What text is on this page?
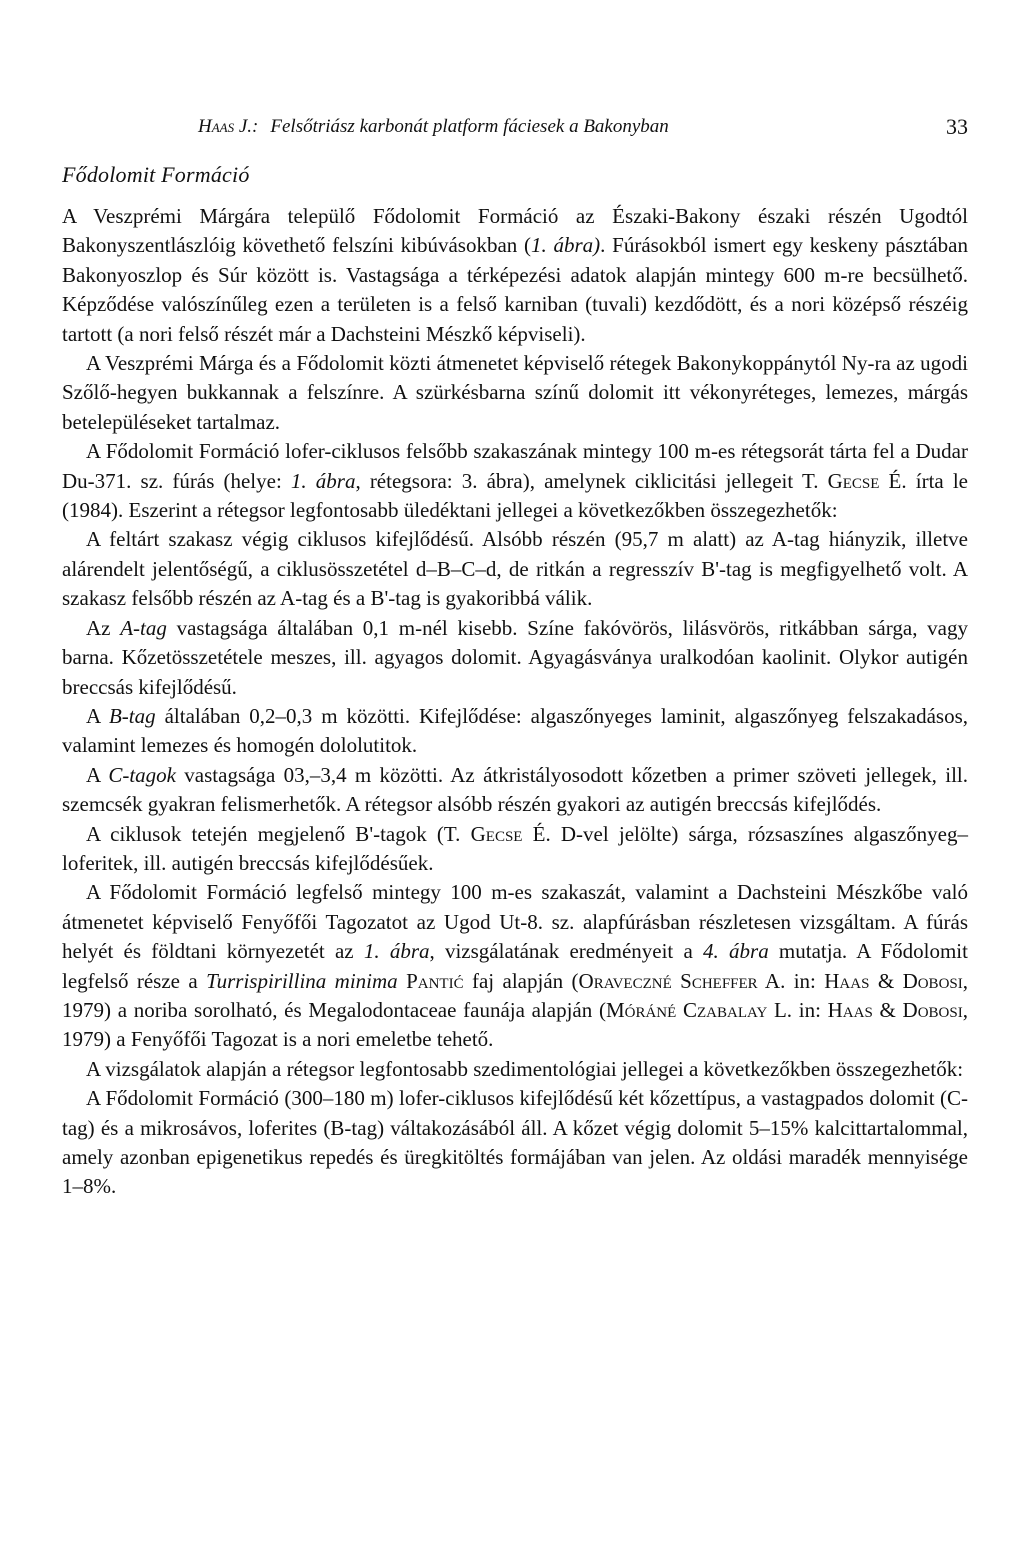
Haas J.: Felsőtriász karbonát platform fáciesek a Bakonyban	33
Fődolomit Formáció

A Veszprémi Márgára települő Fődolomit Formáció az Északi-Bakony északi részén Ugodtól Bakonyszentlászlóig követhető felszíni kibúvásokban (1. ábra). Fúrásokból ismert egy keskeny pásztában Bakonyoszlop és Súr között is. Vastagsága a térképezési adatok alapján mintegy 600 m-re becsülhető. Képződése valószínűleg ezen a területen is a felső karniban (tuvali) kezdődött, és a nori középső részéig tartott (a nori felső részét már a Dachsteini Mészkő képviseli).

A Veszprémi Márga és a Fődolomit közti átmenetet képviselő rétegek Bakonykoppánytól Ny-ra az ugodi Szőlő-hegyen bukkannak a felszínre. A szürkésbarna színű dolomit itt vékonyréteges, lemezes, márgás betelepüléseket tartalmaz.

A Fődolomit Formáció lofer-ciklusos felsőbb szakaszának mintegy 100 m-es rétegsorát tárta fel a Dudar Du-371. sz. fúrás (helye: 1. ábra, rétegsora: 3. ábra), amelynek ciklicitási jellegeit T. Gecse É. írta le (1984). Eszerint a rétegsor legfontosabb üledéktani jellegei a következőkben összegezhetők:

A feltárt szakasz végig ciklusos kifejlődésű. Alsóbb részén (95,7 m alatt) az A-tag hiányzik, illetve alárendelt jelentőségű, a ciklusösszetétel d–B–C–d, de ritkán a regresszív B'-tag is megfigyelhető volt. A szakasz felsőbb részén az A-tag és a B'-tag is gyakoribbá válik.

Az A-tag vastagsága általában 0,1 m-nél kisebb. Színe fakóvörös, lilásvörös, ritkábban sárga, vagy barna. Kőzetösszetétele meszes, ill. agyagos dolomit. Agyagásványa uralkodóan kaolinit. Olykor autigén breccsás kifejlődésű.

A B-tag általában 0,2–0,3 m közötti. Kifejlődése: algaszőnyeges laminit, algaszőnyeg felszakadásos, valamint lemezes és homogén dololutitok.

A C-tagok vastagsága 03,–3,4 m közötti. Az átkristályosodott kőzetben a primer szöveti jellegek, ill. szemcsék gyakran felismerhetők. A rétegsor alsóbb részén gyakori az autigén breccsás kifejlődés.

A ciklusok tetején megjelenő B'-tagok (T. Gecse É. D-vel jelölte) sárga, rózsaszínes algaszőnyeg–loferitek, ill. autigén breccsás kifejlődésűek.

A Fődolomit Formáció legfelső mintegy 100 m-es szakaszát, valamint a Dachsteini Mészkőbe való átmenetet képviselő Fenyőfői Tagozatot az Ugod Ut-8. sz. alapfúrásban részletesen vizsgáltam. A fúrás helyét és földtani környezetét az 1. ábra, vizsgálatának eredményeit a 4. ábra mutatja. A Fődolomit legfelső része a Turrispirillina minima Pantić faj alapján (Oraveczné Scheffer A. in: Haas & Dobosi, 1979) a noriba sorolható, és Megalodontaceae faunája alapján (Móráné Czabalay L. in: Haas & Dobosi, 1979) a Fenyőfői Tagozat is a nori emeletbe tehető.

A vizsgálatok alapján a rétegsor legfontosabb szedimentológiai jellegei a következőkben összegezhetők:

A Fődolomit Formáció (300–180 m) lofer-ciklusos kifejlődésű két kőzettípus, a vastagpados dolomit (C-tag) és a mikrosávos, loferites (B-tag) váltakozásából áll. A kőzet végig dolomit 5–15% kalcittartalommal, amely azonban epigenetikus repedés és üregkitöltés formájában van jelen. Az oldási maradék mennyisége 1–8%.
